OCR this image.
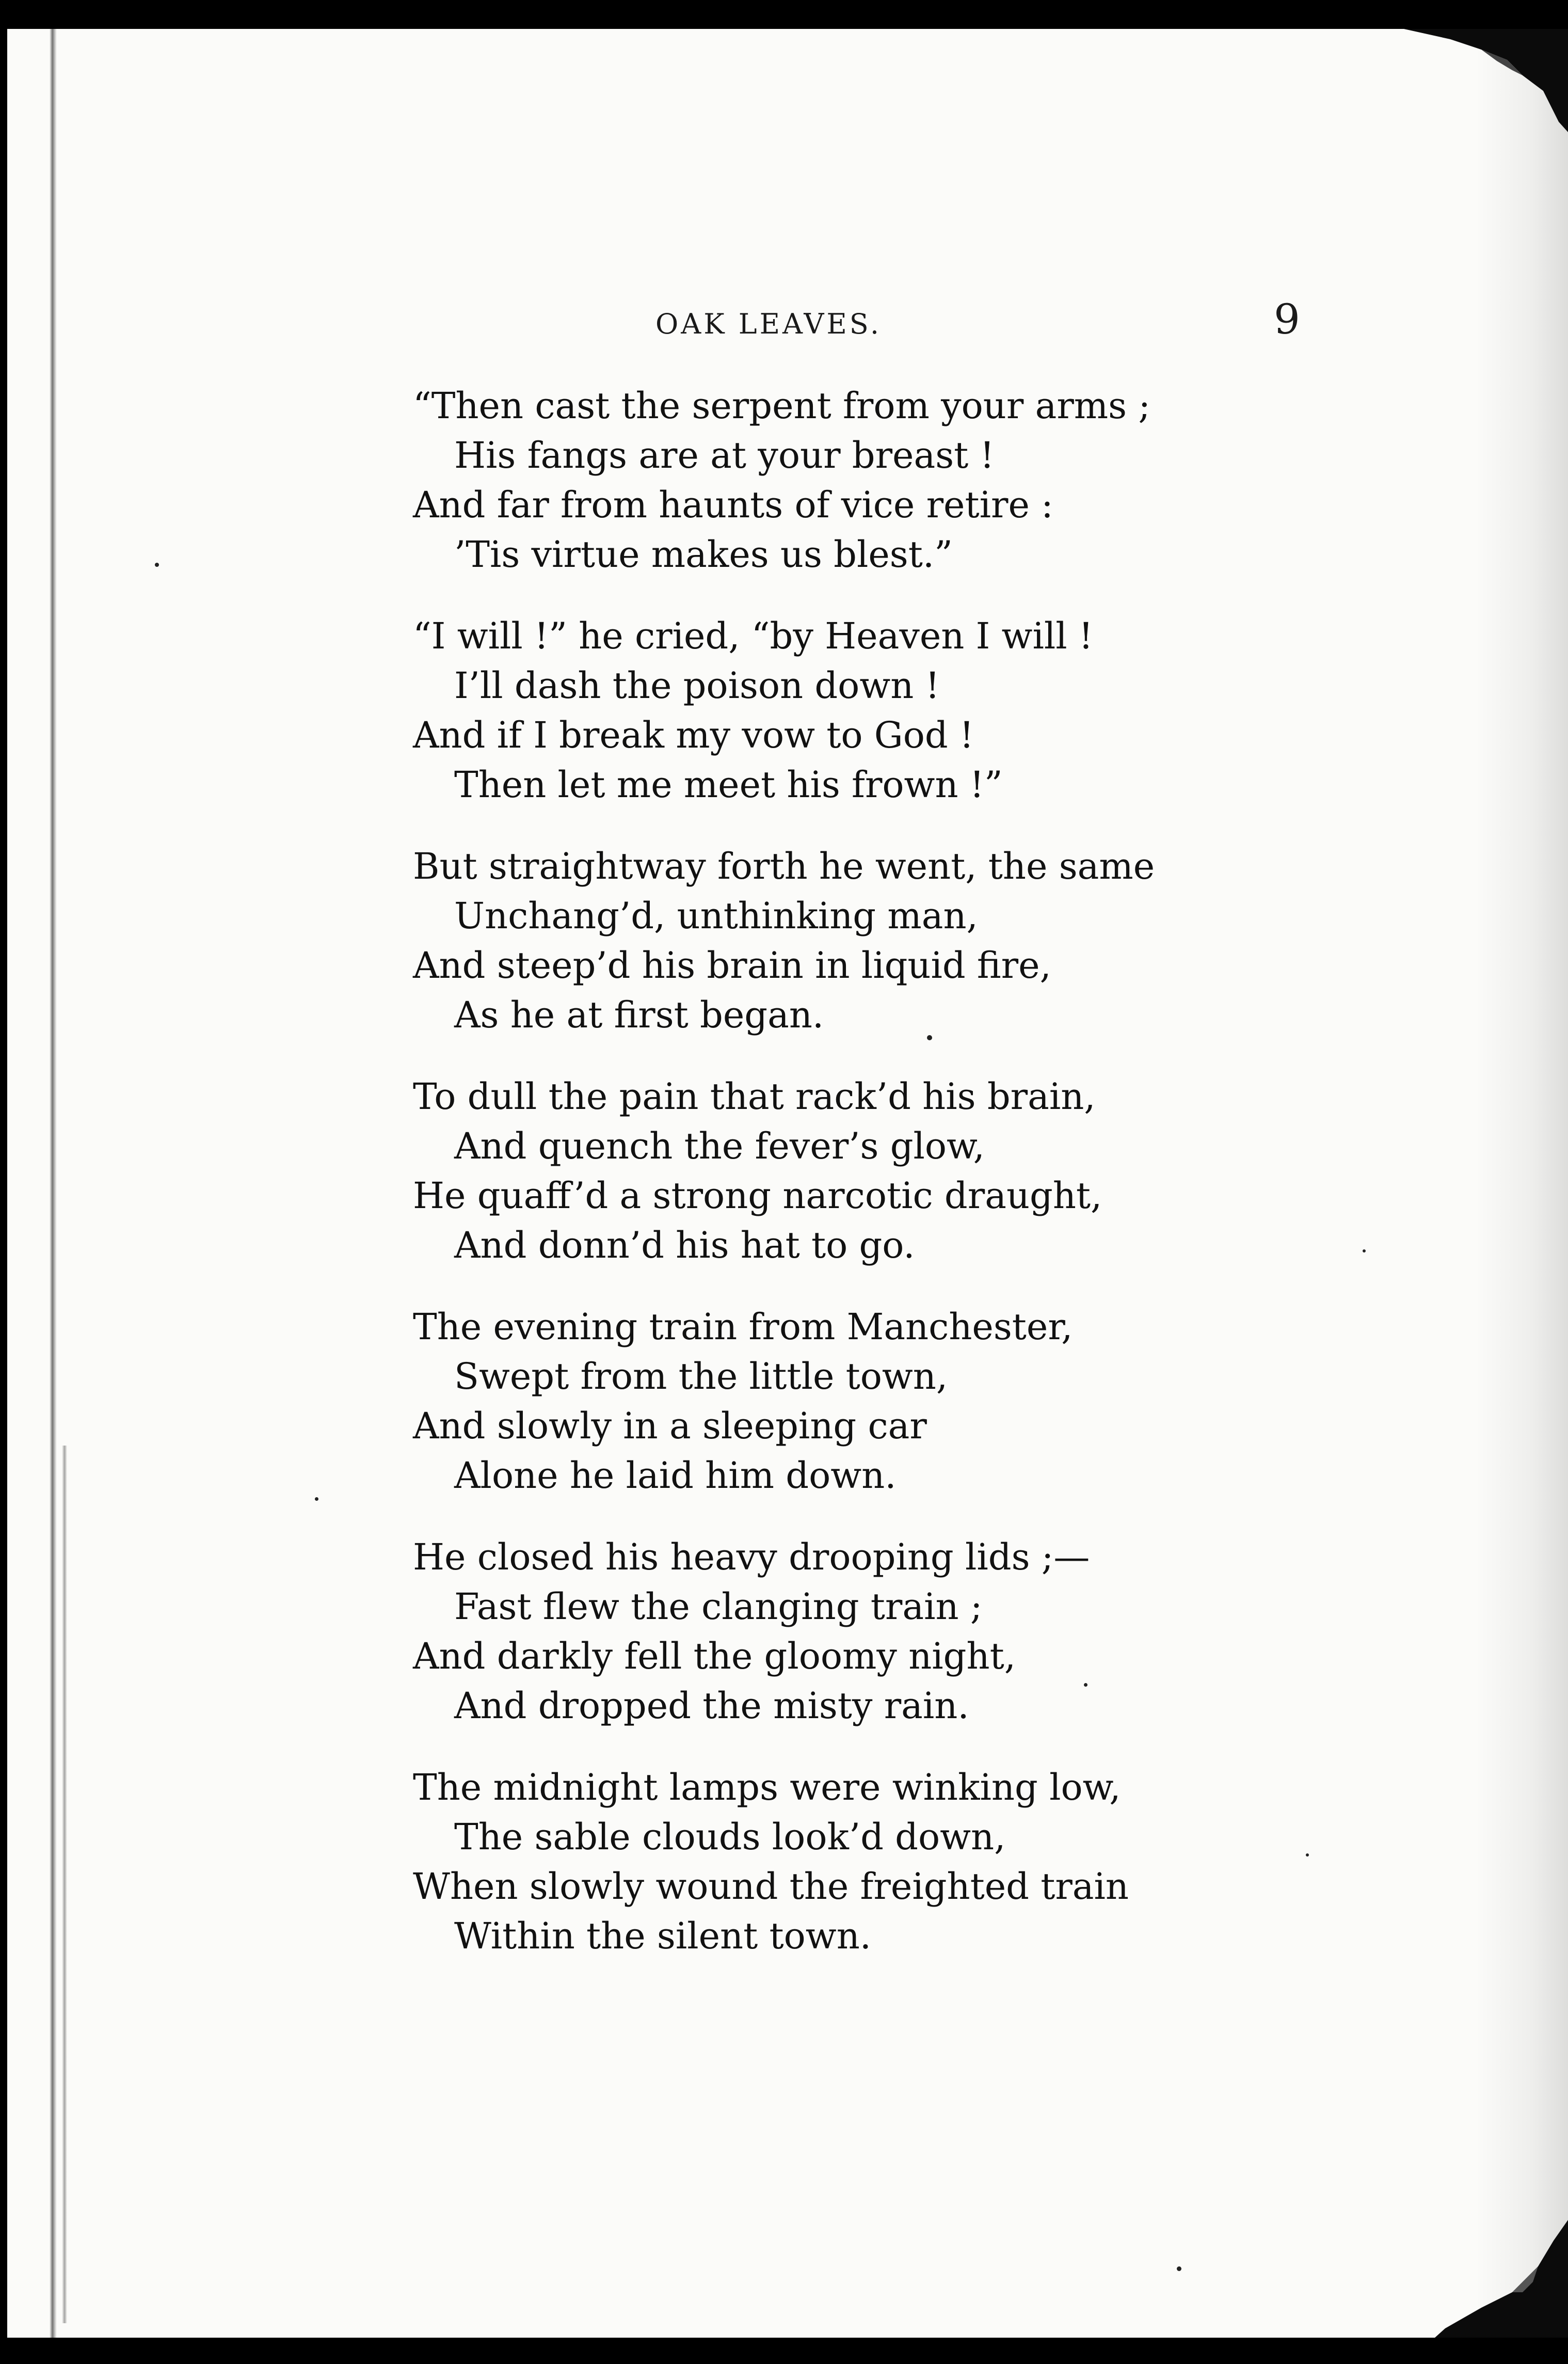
OAK LEAVES.	9
“Then cast the serpent from your arms ;
His fangs are at your breast !
And far from haunts of vice retire :
’Tis virtue makes us blest.”
“I will !” he cried, “by Heaven I will !
I’ll dash the poison down !
And if I break my vow to God !
Then let me meet his frown !”
But straightway forth he went, the same
Unchang’d, unthinking man,
And steep’d his brain in liquid fire,
As he at first began.
To dull the pain that rack’d his brain,
And quench the fever’s glow,
He quaff’d a strong narcotic draught,
And donn’d his hat to go.
The evening train from Manchester,
Swept from the little town,
And slowly in a sleeping car
Alone he laid him down.
He closed his heavy drooping lids ;—
Fast flew the clanging train ;
And darkly fell the gloomy night,
And dropped the misty rain.
The midnight lamps were winking low,
The sable clouds look’d down,
When slowly wound the freighted train
Within the silent town.
